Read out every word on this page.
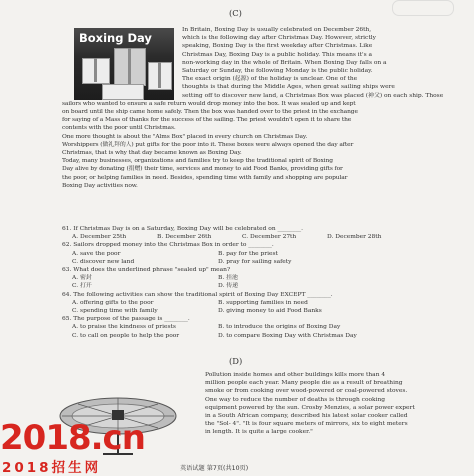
(C)
Boxing Day
In Britain, Boxing Day is usually celebrated on December 26th,
which is the following day after Christmas Day. However, strictly
speaking, Boxing Day is the first weekday after Christmas. Like
Christmas Day, Boxing Day is a public holiday. This means it's a
non-working day in the whole of Britain. When Boxing Day falls on a
Saturday or Sunday, the following Monday is the public holiday.
The exact origin (起源) of the holiday is unclear. One of the
thoughts is that during the Middle Ages, when great sailing ships were
setting off to discover new land, a Christmas Box was placed (神父) on each ship. Those
sailors who wanted to ensure a safe return would drop money into the box. It was sealed up and kept
on board until the ship came home safely. Then the box was handed over to the priest in the exchange
for saying of a Mass of thanks for the success of the sailing. The priest wouldn't open it to share the
contents with the poor until Christmas.
One more thought is about the "Alms Box" placed in every church on Christmas Day.
Worshippers (做礼拜的人) put gifts for the poor into it. These boxes were always opened the day after
Christmas, that is why that day became known as Boxing Day.
Today, many businesses, organizations and families try to keep the traditional spirit of Boxing
Day alive by donating (捐赠) their time, services and money to aid Food Banks, providing gifts for
the poor, or helping families in need. Besides, spending time with family and shopping are popular
Boxing Day activities now.
61. If Christmas Day is on a Saturday, Boxing Day will be celebrated on ________.
A. December 25th	B. December 26th	C. December 27th	D. December 28th
62. Sailors dropped money into the Christmas Box in order to ________.
A. save the poor	B. pay for the priest
C. discover new land	D. pray for sailing safety
63. What does the underlined phrase "sealed up" mean?
A. 密封	B. 挂池
C. 打开	D. 传递
64. The following activities can show the traditional spirit of Boxing Day EXCEPT ________.
A. offering gifts to the poor	B. supporting families in need
C. spending time with family	D. giving money to aid Food Banks
65. The purpose of the passage is ________.
A. to praise the kindness of priests	B. to introduce the origins of Boxing Day
C. to call on people to help the poor	D. to compare Boxing Day with Christmas Day
(D)
Pollution inside homes and other buildings kills more than 4
million people each year. Many people die as a result of breathing
smoke or from cooking over wood-powered or coal-powered stoves.
One way to reduce the number of deaths is through cooking
equipment powered by the sun. Crosby Menzies, a solar power expert
in a South African company, described his latest solar cooker called
the "Sol- 4". "It is four square meters of mirrors, six to eight meters
in length. It is quite a large cooker."
2018.cn
2018招生网	英语试题 第7页(共10页)
